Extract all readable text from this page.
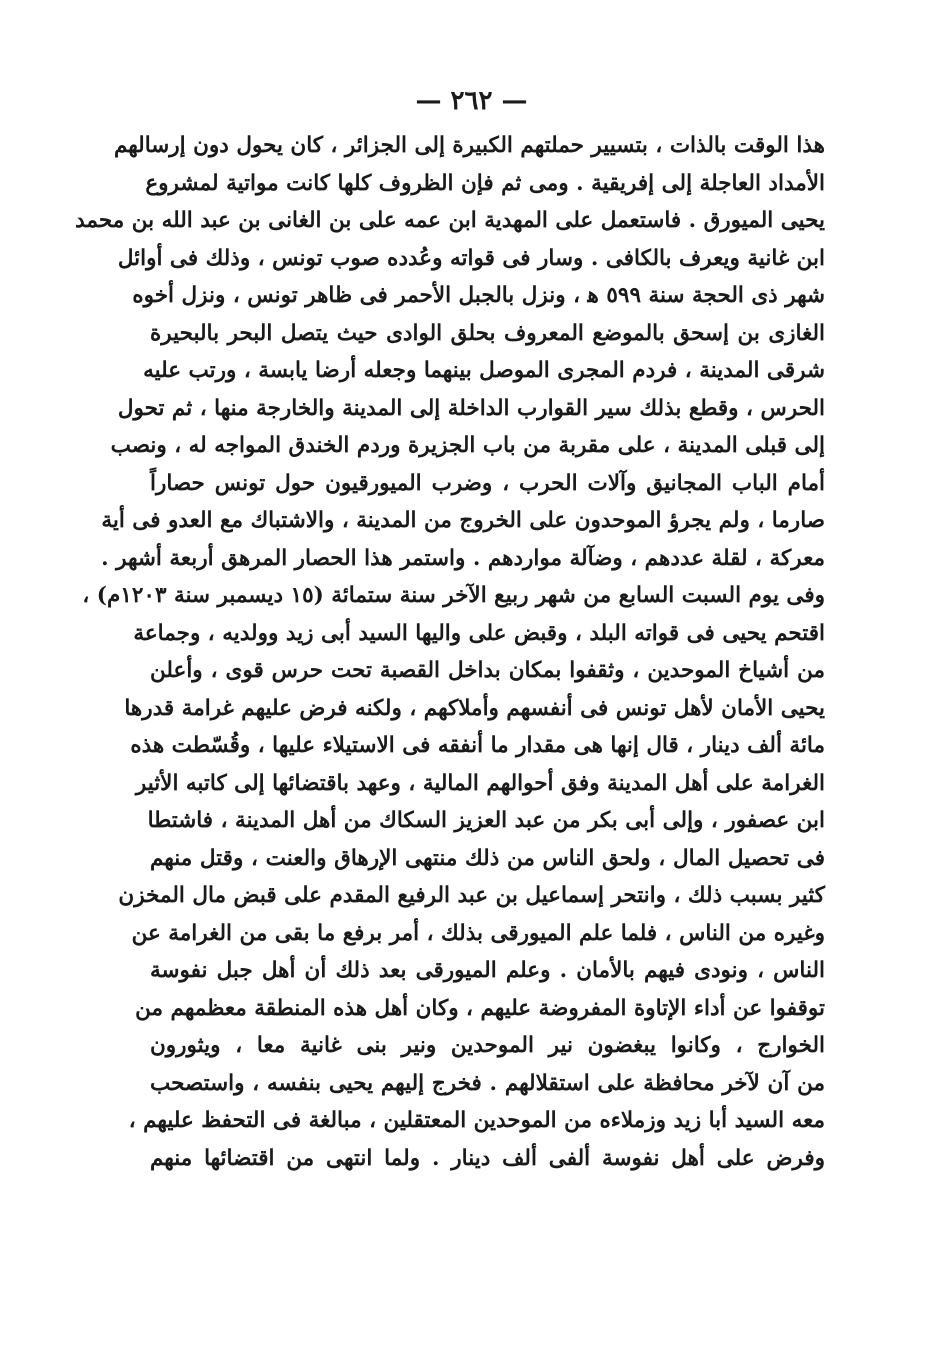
— ٢٦٢ —
هذا الوقت بالذات ، بتسيير حملتهم الكبيرة إلى الجزائر ، كان يحول دون إرسالهم
الأمداد العاجلة إلى إفريقية . ومى ثم فإن الظروف كلها كانت مواتية لمشروع
يحيى الميورق . فاستعمل على المهدية ابن عمه على بن الغانى بن عبد الله بن محمد
ابن غانية ويعرف بالكافى . وسار فى قواته وعُدده صوب تونس ، وذلك فى أوائل
شهر ذى الحجة سنة ٥٩٩ ﻫ ، ونزل بالجبل الأحمر فى ظاهر تونس ، ونزل أخوه
الغازى بن إسحق بالموضع المعروف بحلق الوادى حيث يتصل البحر بالبحيرة
شرقى المدينة ، فردم المجرى الموصل بينهما وجعله أرضا يابسة ، ورتب عليه
الحرس ، وقطع بذلك سير القوارب الداخلة إلى المدينة والخارجة منها ، ثم تحول
إلى قبلى المدينة ، على مقربة من باب الجزيرة وردم الخندق المواجه له ، ونصب
أمام الباب المجانيق وآلات الحرب ، وضرب الميورقيون حول تونس حصاراً
صارما ، ولم يجرؤ الموحدون على الخروج من المدينة ، والاشتباك مع العدو فى أية
معركة ، لقلة عددهم ، وضآلة مواردهم . واستمر هذا الحصار المرهق أربعة أشهر .
وفى يوم السبت السابع من شهر ربيع الآخر سنة ستمائة (١٥ ديسمبر سنة ١٢٠٣م) ،
اقتحم يحيى فى قواته البلد ، وقبض على واليها السيد أبى زيد وولديه ، وجماعة
من أشياخ الموحدين ، وثقفوا بمكان بداخل القصبة تحت حرس قوى ، وأعلن
يحيى الأمان لأهل تونس فى أنفسهم وأملاكهم ، ولكنه فرض عليهم غرامة قدرها
مائة ألف دينار ، قال إنها هى مقدار ما أنفقه فى الاستيلاء عليها ، وقُسّطت هذه
الغرامة على أهل المدينة وفق أحوالهم المالية ، وعهد باقتضائها إلى كاتبه الأثير
ابن عصفور ، وإلى أبى بكر من عبد العزيز السكاك من أهل المدينة ، فاشتطا
فى تحصيل المال ، ولحق الناس من ذلك منتهى الإرهاق والعنت ، وقتل منهم
كثير بسبب ذلك ، وانتحر إسماعيل بن عبد الرفيع المقدم على قبض مال المخزن
وغيره من الناس ، فلما علم الميورقى بذلك ، أمر برفع ما بقى من الغرامة عن
الناس ، ونودى فيهم بالأمان . وعلم الميورقى بعد ذلك أن أهل جبل نفوسة
توقفوا عن أداء الإتاوة المفروضة عليهم ، وكان أهل هذه المنطقة معظمهم من
الخوارج ، وكانوا يبغضون نير الموحدين ونير بنى غانية معا ، ويثورون
من آن لآخر محافظة على استقلالهم . فخرج إليهم يحيى بنفسه ، واستصحب
معه السيد أبا زيد وزملاءه من الموحدين المعتقلين ، مبالغة فى التحفظ عليهم ،
وفرض على أهل نفوسة ألفى ألف دينار . ولما انتهى من اقتضائها منهم
